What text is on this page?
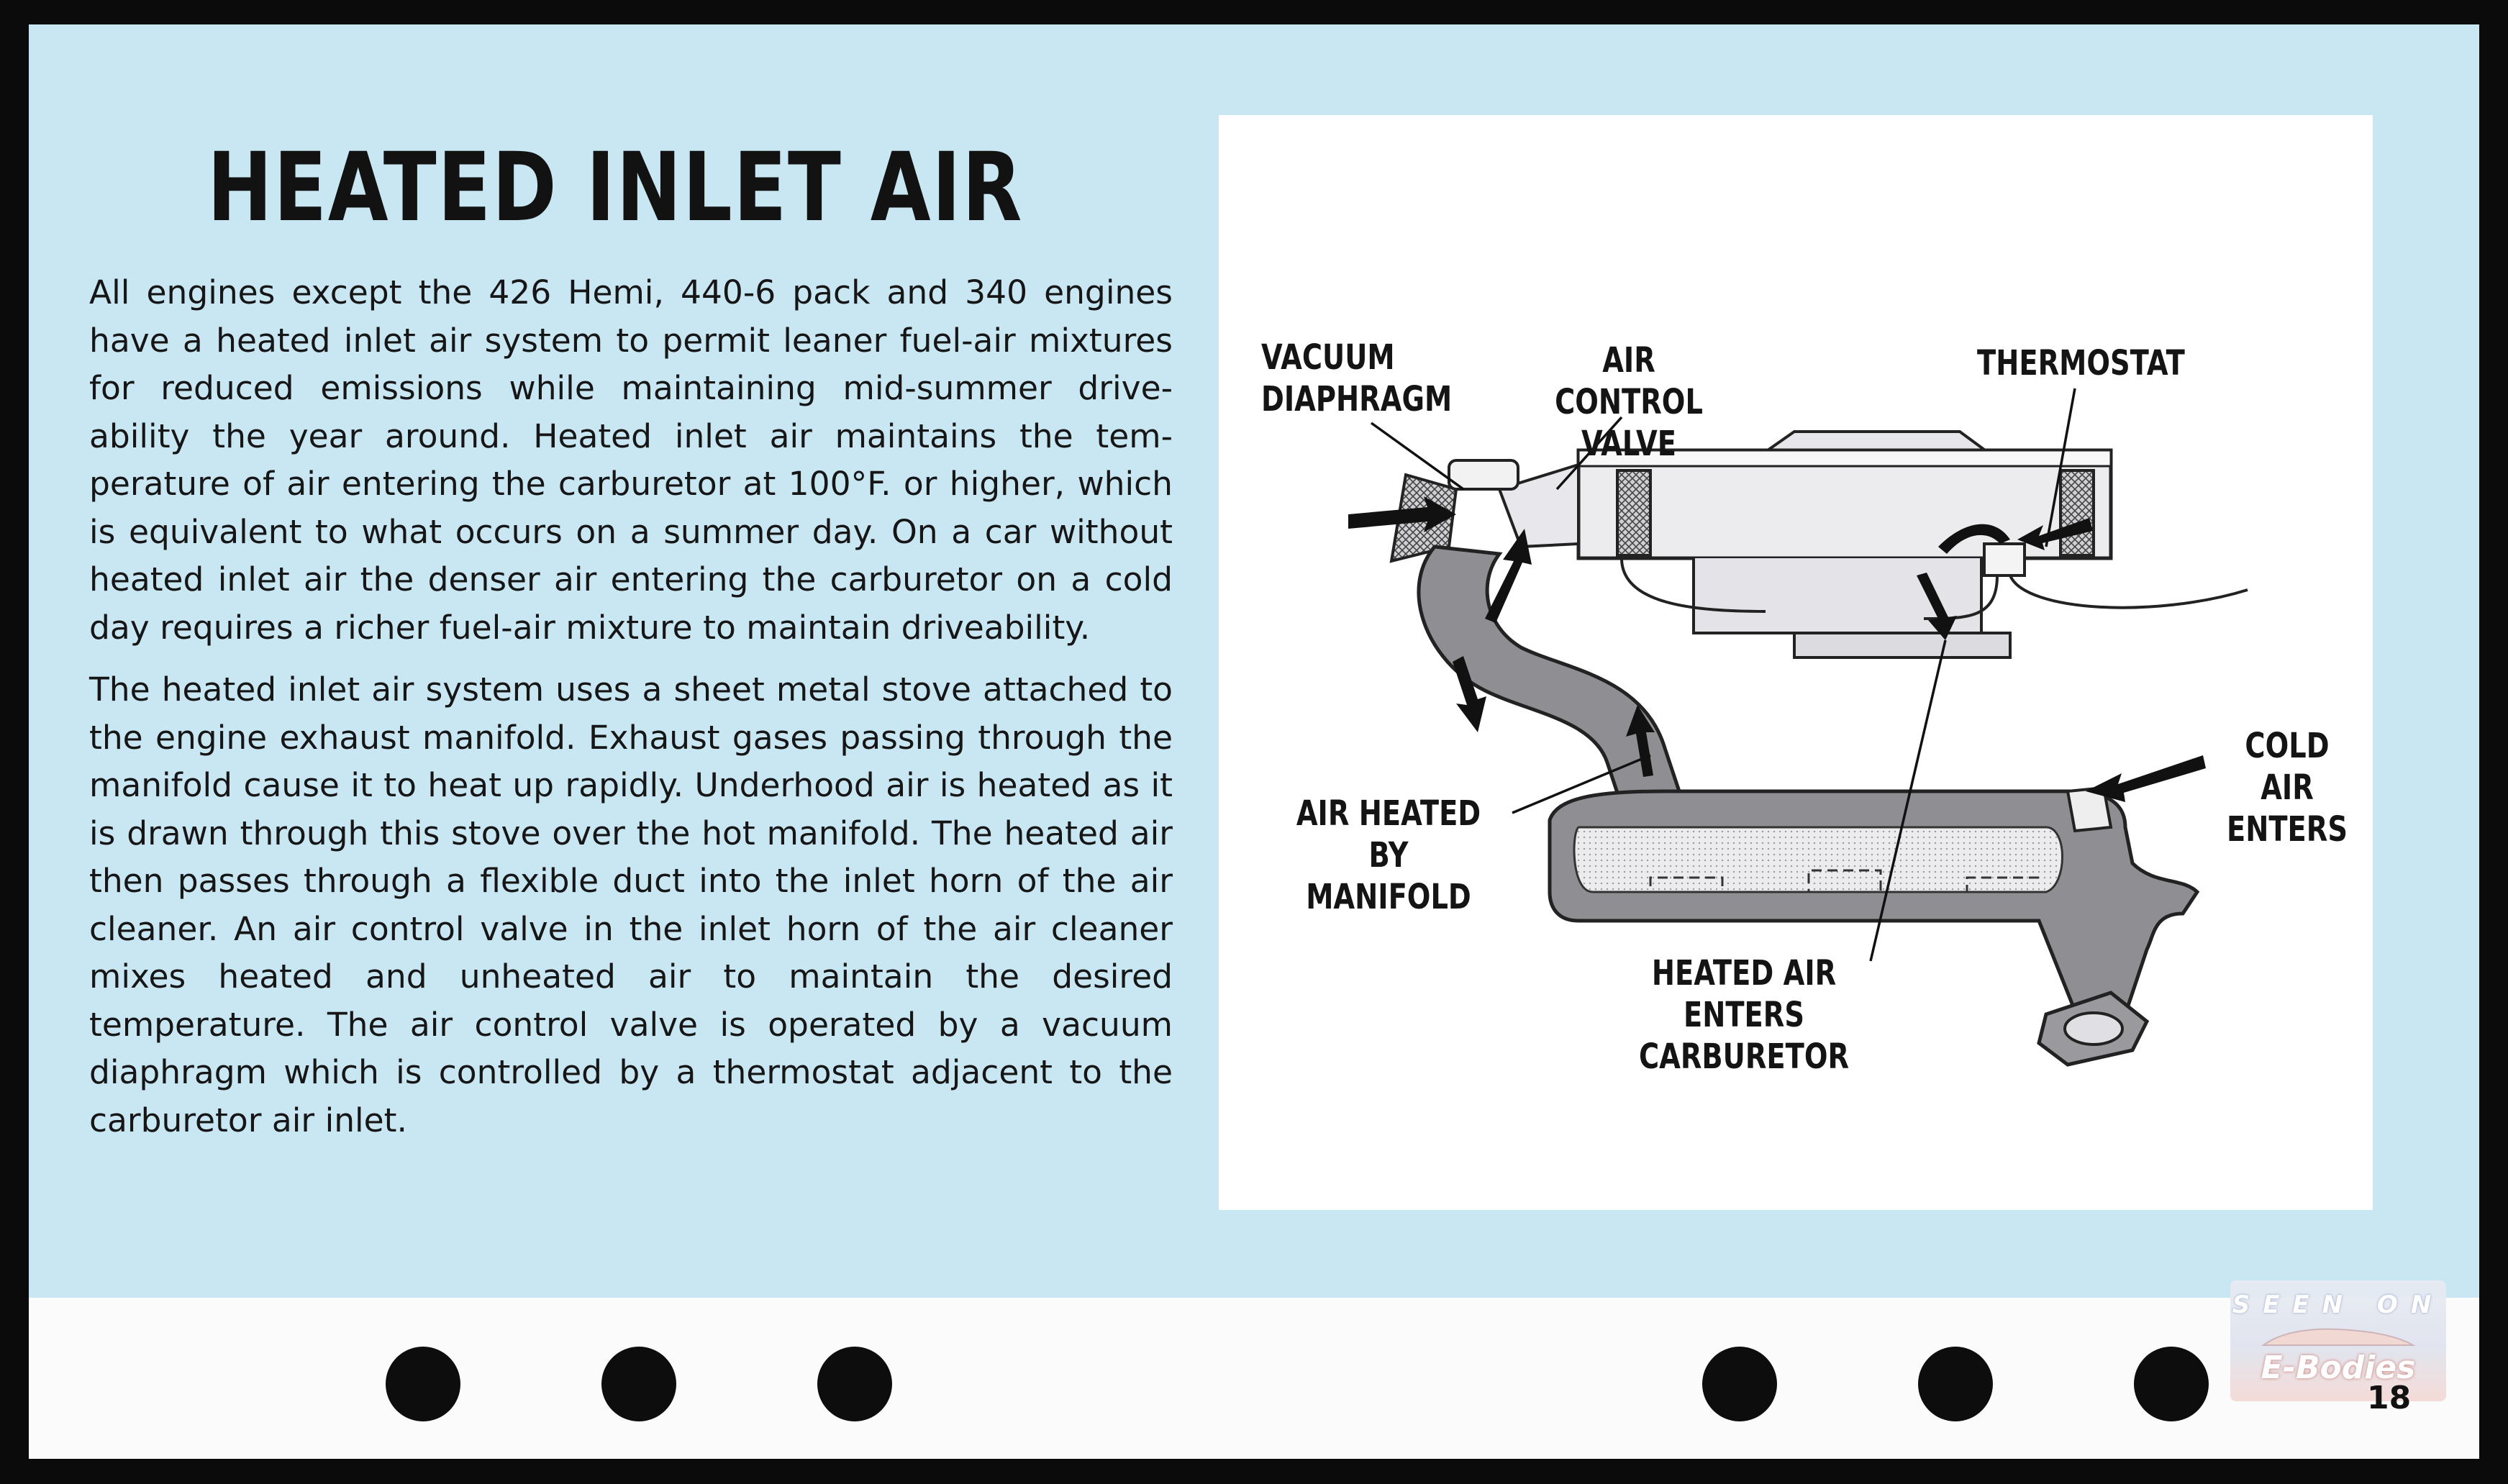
HEATED INLET AIR

All engines except the 426 Hemi, 440-6 pack and 340 engines have a heated inlet air system to permit leaner fuel-air mixtures for reduced emissions while maintaining mid-summer drive-ability the year around. Heated inlet air maintains the tem-perature of air entering the carburetor at 100°F. or higher, which is equivalent to what occurs on a summer day. On a car without heated inlet air the denser air entering the carburetor on a cold day requires a richer fuel-air mixture to maintain driveability.

The heated inlet air system uses a sheet metal stove attached to the engine exhaust manifold. Exhaust gases passing through the manifold cause it to heat up rapidly. Underhood air is heated as it is drawn through this stove over the hot manifold. The heated air then passes through a flexible duct into the inlet horn of the air cleaner. An air control valve in the inlet horn of the air cleaner mixes heated and unheated air to maintain the desired temperature. The air control valve is operated by a vacuum diaphragm which is controlled by a thermostat adjacent to the carburetor air inlet.

VACUUM
DIAPHRAGM
AIR CONTROL
VALVE
THERMOSTAT
COLD AIR
ENTERS
AIR HEATED
BY MANIFOLD
HEATED AIR
ENTERS CARBURETOR
SEEN ON
E-Bodies
18
